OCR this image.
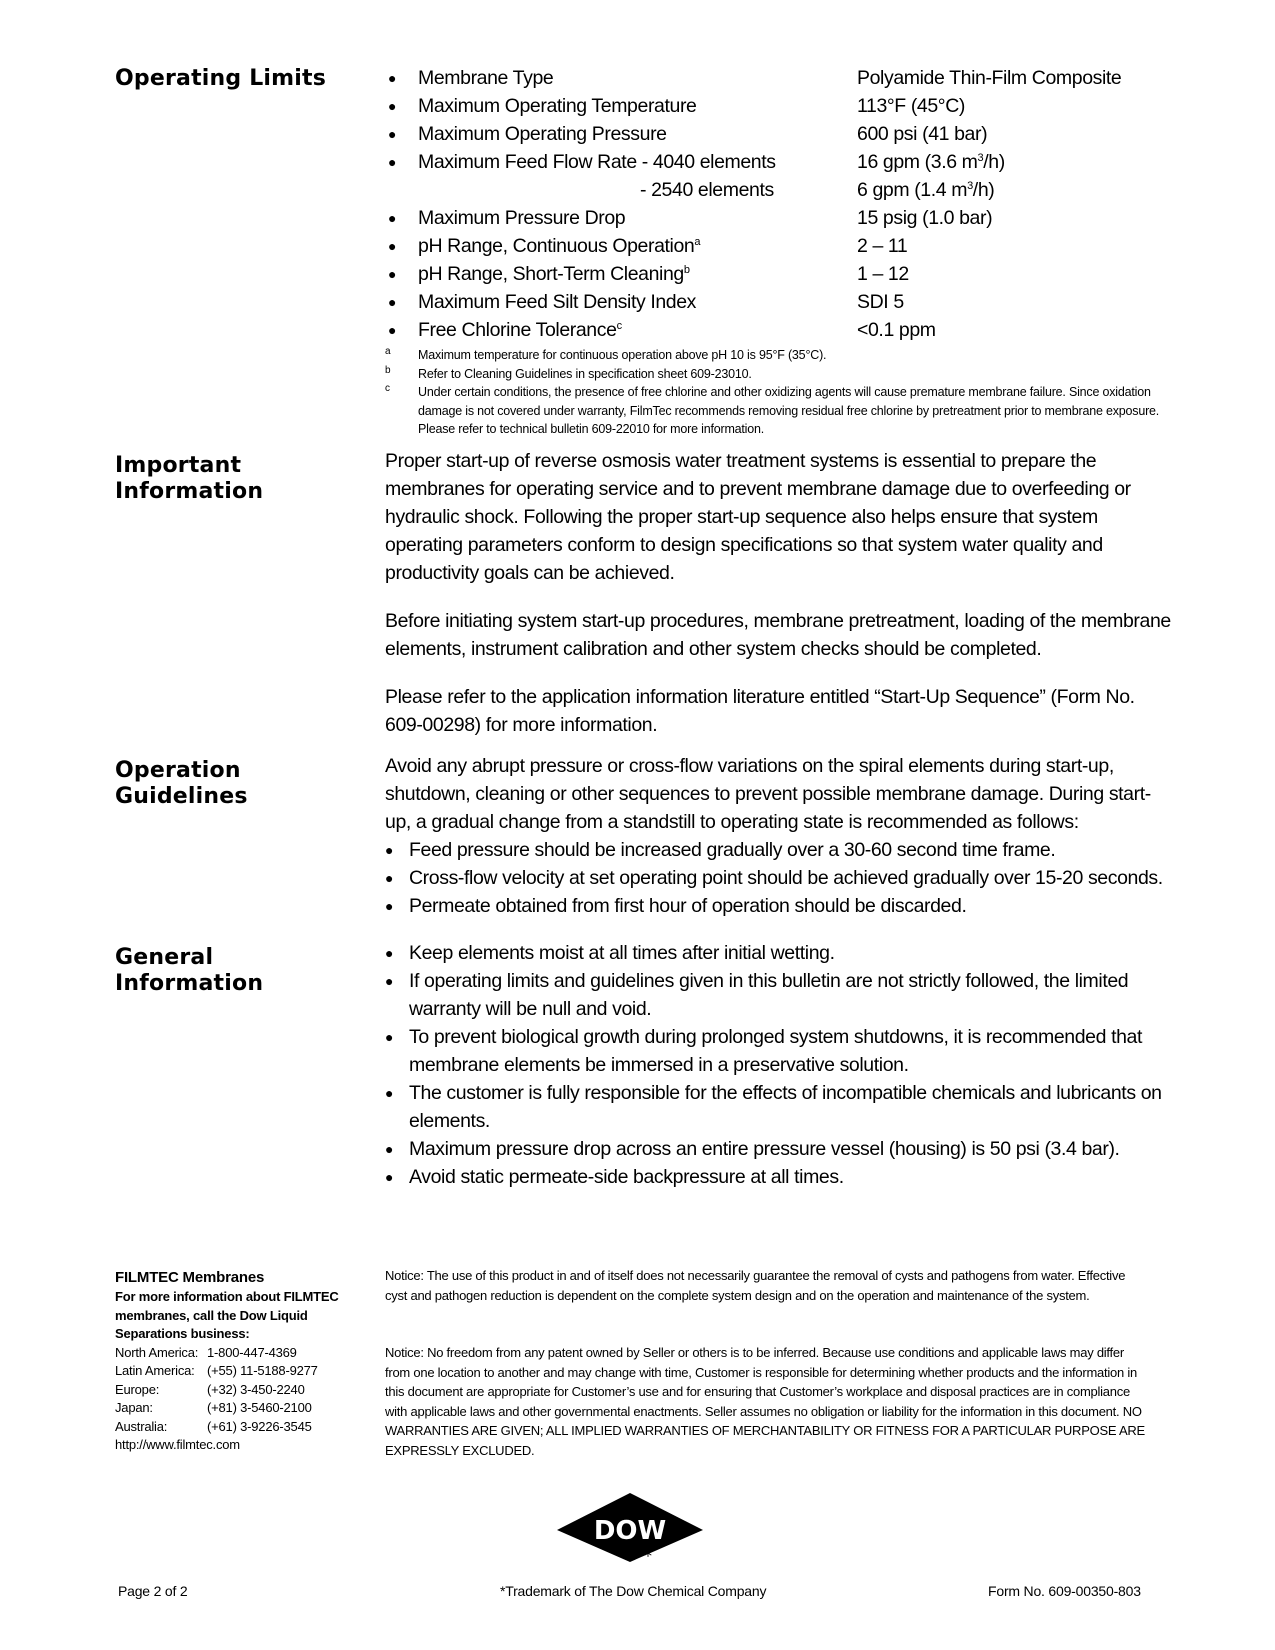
Operating Limits	● Membrane Type	Polyamide Thin-Film Composite
● Maximum Operating Temperature	113°F (45°C)
● Maximum Operating Pressure	600 psi (41 bar)
● Maximum Feed Flow Rate - 4040 elements	16 gpm (3.6 $m^3/h$)
- 2540 elements	6 gpm (1.4 $m^3/h$)
● Maximum Pressure Drop	15 psig (1.0 bar)
● pH Range, Continuous Operation$^a$	2 – 11
● pH Range, Short-Term Cleaning$^b$	1 – 12
● Maximum Feed Silt Density Index	SDI 5
● Free Chlorine Tolerance$^c$	<0.1 ppm
a Maximum temperature for continuous operation above pH 10 is 95°F (35°C).
b Refer to Cleaning Guidelines in specification sheet 609-23010.
c Under certain conditions, the presence of free chlorine and other oxidizing agents will cause premature membrane failure. Since oxidation damage is not covered under warranty, FilmTec recommends removing residual free chlorine by pretreatment prior to membrane exposure. Please refer to technical bulletin 609-22010 for more information.
Important
Information

Proper start-up of reverse osmosis water treatment systems is essential to prepare the membranes for operating service and to prevent membrane damage due to overfeeding or hydraulic shock. Following the proper start-up sequence also helps ensure that system operating parameters conform to design specifications so that system water quality and productivity goals can be achieved.

Before initiating system start-up procedures, membrane pretreatment, loading of the membrane elements, instrument calibration and other system checks should be completed.

Please refer to the application information literature entitled “Start-Up Sequence” (Form No. 609-00298) for more information.

Operation
Guidelines
Avoid any abrupt pressure or cross-flow variations on the spiral elements during start-up, shutdown, cleaning or other sequences to prevent possible membrane damage. During start-up, a gradual change from a standstill to operating state is recommended as follows:
● Feed pressure should be increased gradually over a 30-60 second time frame.
● Cross-flow velocity at set operating point should be achieved gradually over 15-20 seconds.
● Permeate obtained from first hour of operation should be discarded.
General
Information
● Keep elements moist at all times after initial wetting.
● If operating limits and guidelines given in this bulletin are not strictly followed, the limited warranty will be null and void.
● To prevent biological growth during prolonged system shutdowns, it is recommended that membrane elements be immersed in a preservative solution.
● The customer is fully responsible for the effects of incompatible chemicals and lubricants on elements.
● Maximum pressure drop across an entire pressure vessel (housing) is 50 psi (3.4 bar).
● Avoid static permeate-side backpressure at all times.
FILMTEC Membranes
For more information about FILMTEC membranes, call the Dow Liquid Separations business:
North America: 1-800-447-4369
Latin America: (+55) 11-5188-9277
Europe:	(+32) 3-450-2240
Japan:	(+81) 3-5460-2100
Australia:	(+61) 3-9226-3545
http://www.filmtec.com
Notice: The use of this product in and of itself does not necessarily guarantee the removal of cysts and pathogens from water. Effective cyst and pathogen reduction is dependent on the complete system design and on the operation and maintenance of the system.
Notice: No freedom from any patent owned by Seller or others is to be inferred. Because use conditions and applicable laws may differ from one location to another and may change with time, Customer is responsible for determining whether products and the information in this document are appropriate for Customer’s use and for ensuring that Customer’s workplace and disposal practices are in compliance with applicable laws and other governmental enactments. Seller assumes no obligation or liability for the information in this document. NO WARRANTIES ARE GIVEN; ALL IMPLIED WARRANTIES OF MERCHANTABILITY OR FITNESS FOR A PARTICULAR PURPOSE ARE EXPRESSLY EXCLUDED.
DOW
*
Page 2 of 2	*Trademark of The Dow Chemical Company	Form No. 609-00350-803
